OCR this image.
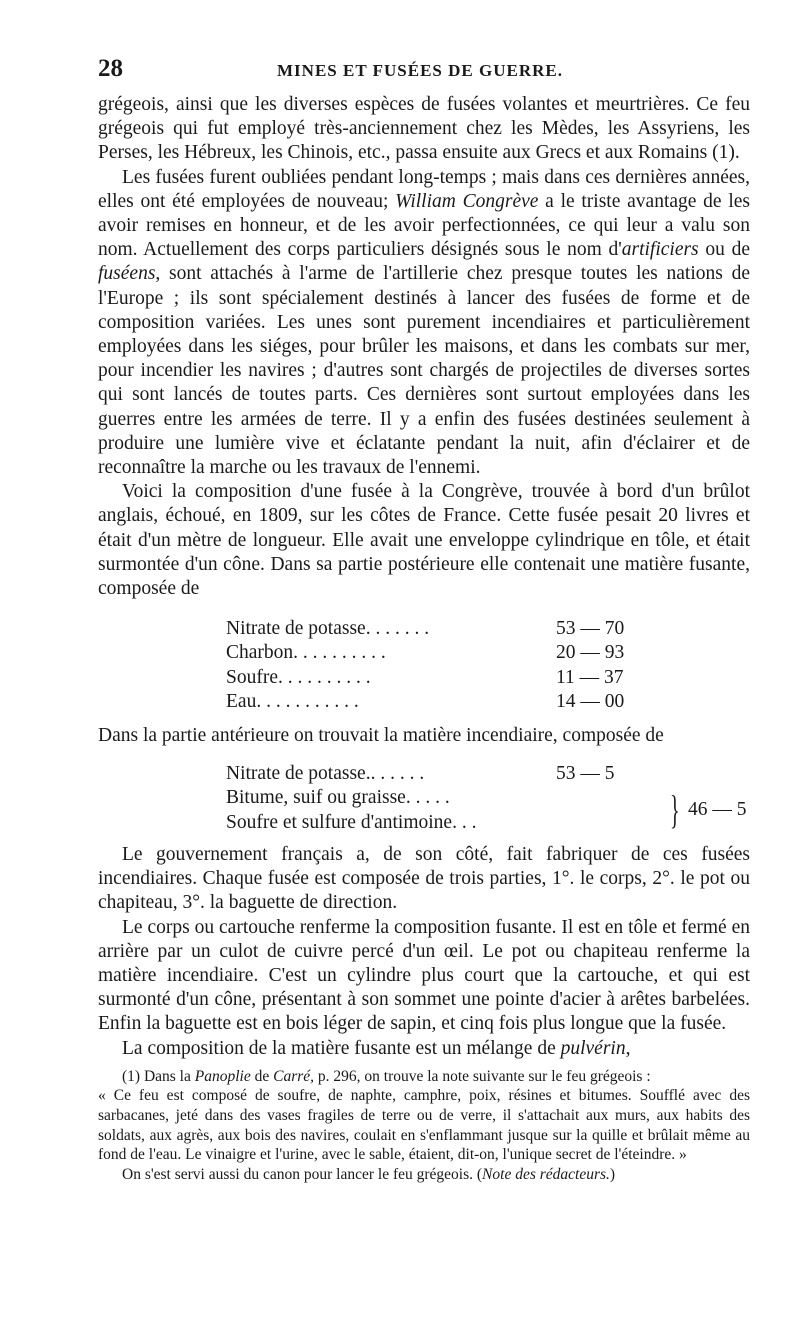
28	MINES ET FUSÉES DE GUERRE.

grégeois, ainsi que les diverses espèces de fusées volantes et meurtrières. Ce feu grégeois qui fut employé très-anciennement chez les Mèdes, les Assyriens, les Perses, les Hébreux, les Chinois, etc., passa ensuite aux Grecs et aux Romains (1).

Les fusées furent oubliées pendant long-temps ; mais dans ces dernières années, elles ont été employées de nouveau; William Congrève a le triste avantage de les avoir remises en honneur, et de les avoir perfectionnées, ce qui leur a valu son nom. Actuellement des corps particuliers désignés sous le nom d'artificiers ou de fuséens, sont attachés à l'arme de l'artillerie chez presque toutes les nations de l'Europe ; ils sont spécialement destinés à lancer des fusées de forme et de composition variées. Les unes sont purement incendiaires et particulièrement employées dans les siéges, pour brûler les maisons, et dans les combats sur mer, pour incendier les navires ; d'autres sont chargés de projectiles de diverses sortes qui sont lancés de toutes parts. Ces dernières sont surtout employées dans les guerres entre les armées de terre. Il y a enfin des fusées destinées seulement à produire une lumière vive et éclatante pendant la nuit, afin d'éclairer et de reconnaître la marche ou les travaux de l'ennemi.

Voici la composition d'une fusée à la Congrève, trouvée à bord d'un brûlot anglais, échoué, en 1809, sur les côtes de France. Cette fusée pesait 20 livres et était d'un mètre de longueur. Elle avait une enveloppe cylindrique en tôle, et était surmontée d'un cône. Dans sa partie postérieure elle contenait une matière fusante, composée de

Nitrate de potasse. . . . . . .	53 — 70
Charbon. . . . . . . . . .	20 — 93
Soufre. . . . . . . . . .	11 — 37
Eau. . . . . . . . . . .	14 — 00

Dans la partie antérieure on trouvait la matière incendiaire, composée de

Nitrate de potasse.. . . . . .	53 — 5
Bitume, suif ou graisse. . . . .
Soufre et sulfure d'antimoine. . .	} 46 — 5

Le gouvernement français a, de son côté, fait fabriquer de ces fusées incendiaires. Chaque fusée est composée de trois parties, 1°. le corps, 2°. le pot ou chapiteau, 3°. la baguette de direction.

Le corps ou cartouche renferme la composition fusante. Il est en tôle et fermé en arrière par un culot de cuivre percé d'un œil. Le pot ou chapiteau renferme la matière incendiaire. C'est un cylindre plus court que la cartouche, et qui est surmonté d'un cône, présentant à son sommet une pointe d'acier à arêtes barbelées. Enfin la baguette est en bois léger de sapin, et cinq fois plus longue que la fusée.

La composition de la matière fusante est un mélange de pulvérin,

(1) Dans la Panoplie de Carré, p. 296, on trouve la note suivante sur le feu grégeois :

« Ce feu est composé de soufre, de naphte, camphre, poix, résines et bitumes. Soufflé avec des sarbacanes, jeté dans des vases fragiles de terre ou de verre, il s'attachait aux murs, aux habits des soldats, aux agrès, aux bois des navires, coulait en s'enflammant jusque sur la quille et brûlait même au fond de l'eau. Le vinaigre et l'urine, avec le sable, étaient, dit-on, l'unique secret de l'éteindre. »

On s'est servi aussi du canon pour lancer le feu grégeois. (Note des rédacteurs.)
